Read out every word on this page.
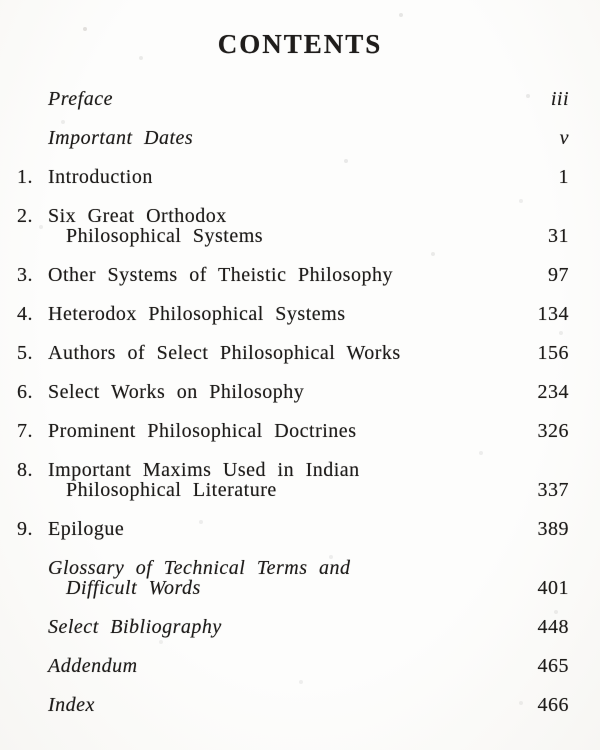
CONTENTS
Preface	iii
Important Dates	v
1. Introduction	1
2. Six Great Orthodox
Philosophical Systems	31
3. Other Systems of Theistic Philosophy	97
4. Heterodox Philosophical Systems	134
5. Authors of Select Philosophical Works	156
6. Select Works on Philosophy	234
7. Prominent Philosophical Doctrines	326
8. Important Maxims Used in Indian
Philosophical Literature	337
9. Epilogue	389
Glossary of Technical Terms and
Difficult Words	401
Select Bibliography	448
Addendum	465
Index	466
